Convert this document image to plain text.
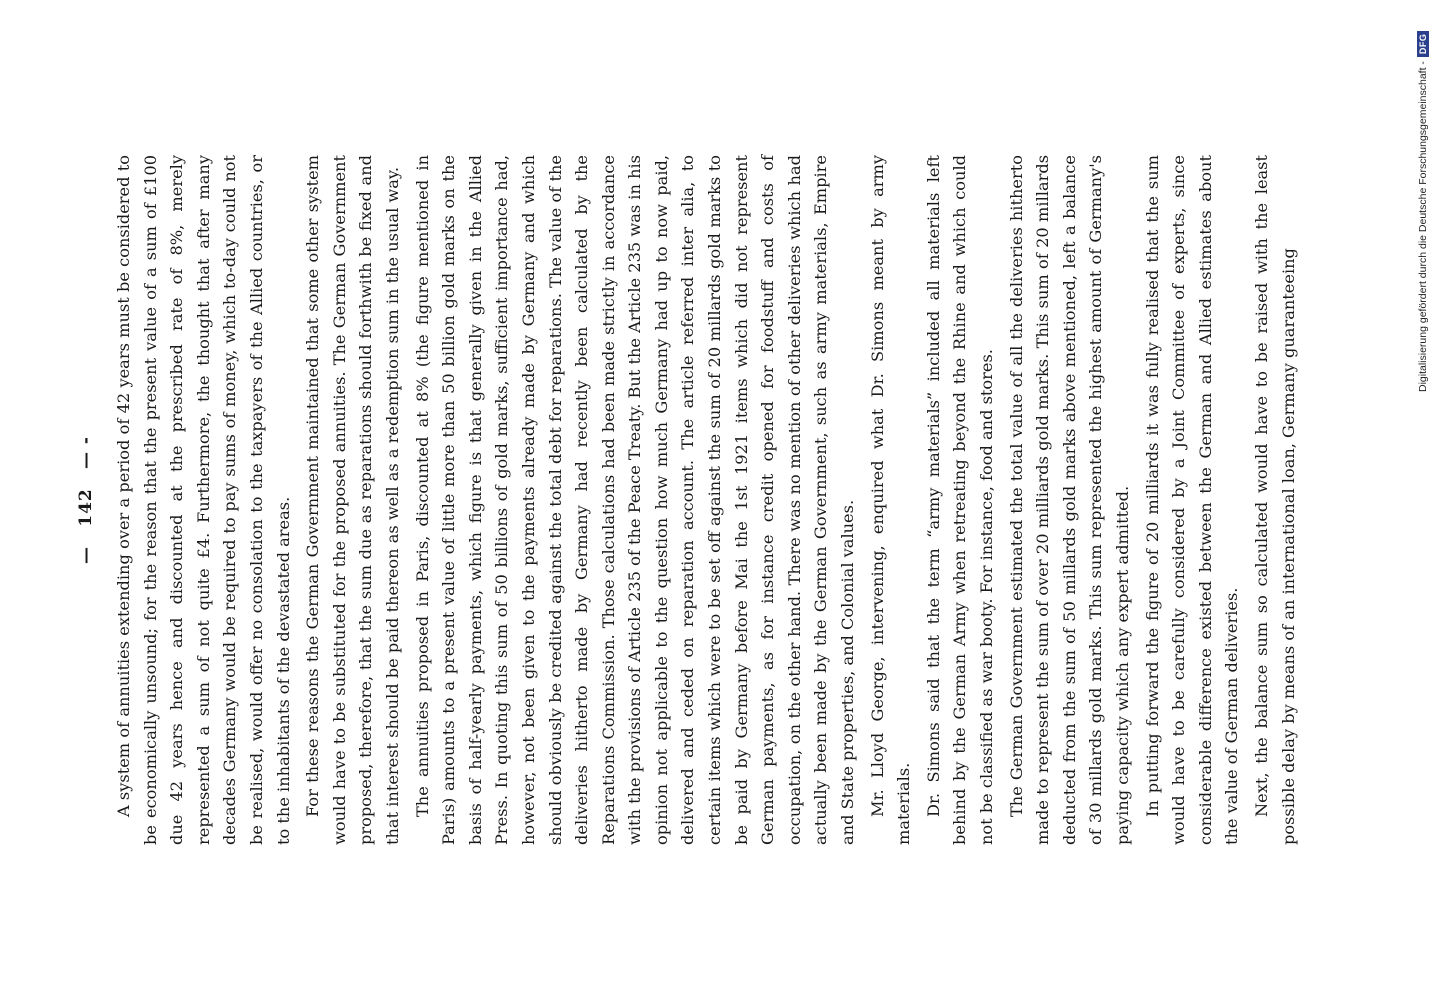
—   142   — -	A system of annuities extending over a period of 42 years must be considered to be economically unsound; for the reason that the present value of a sum of £100 due 42 years hence and discounted at the prescribed rate of 8%, merely represented a sum of not quite £4. Furthermore, the thought that after many decades Germany would be required to pay sums of money, which to-day could not be realised, would offer no consolation to the taxpayers of the Allied countries, or to the inhabitants of the devastated areas. For these reasons the German Government maintained that some other system would have to be substituted for the proposed annuities. The German Government proposed, therefore, that the sum due as reparations should forthwith be fixed and that interest should be paid thereon as well as a redemption sum in the usual way. The annuities proposed in Paris, discounted at 8% (the figure mentioned in Paris) amounts to a present value of little more than 50 billion gold marks on the basis of half-yearly payments, which figure is that generally given in the Allied Press. In quoting this sum of 50 billions of gold marks, sufficient importance had, however, not been given to the payments already made by Germany and which should obviously be credited against the total debt for reparations. The value of the deliveries hitherto made by Germany had recently been calculated by the Reparations Commission. Those calculations had been made strictly in accordance with the provisions of Article 235 of the Peace Treaty. But the Article 235 was in his opinion not applicable to the question how much Germany had up to now paid, delivered and ceded on reparation account. The article referred inter alia, to certain items which were to be set off against the sum of 20 millards gold marks to be paid by Germany before Mai the 1st 1921 items which did not represent German payments, as for instance credit opened for foodstuff and costs of occupation, on the other hand. There was no mention of other deliveries which had actually been made by the German Government, such as army materials, Empire and State properties, and Colonial values. Mr. Lloyd George, intervening, enquired what Dr. Simons meant by army materials. Dr. Simons said that the term “army materials” included all materials left behind by the German Army when retreating beyond the Rhine and which could not be classified as war booty. For instance, food and stores. The German Government estimated the total value of all the deliveries hitherto made to represent the sum of over 20 milliards gold marks. This sum of 20 millards deducted from the sum of 50 millards gold marks above mentioned, left a balance of 30 millards gold marks. This sum represented the highest amount of Germany's paying capacity which any expert admitted. In putting forward the figure of 20 milliards it was fully realised that the sum would have to be carefully considered by a Joint Committee of experts, since considerable difference existed between the German and Allied estimates about the value of German deliveries. Next, the balance sum so calculated would have to be raised with the least possible delay by means of an international loan, Germany guaranteeing

Digitalisierung gefördert durch die Deutsche Forschungsgemeinschaft -
DFG
